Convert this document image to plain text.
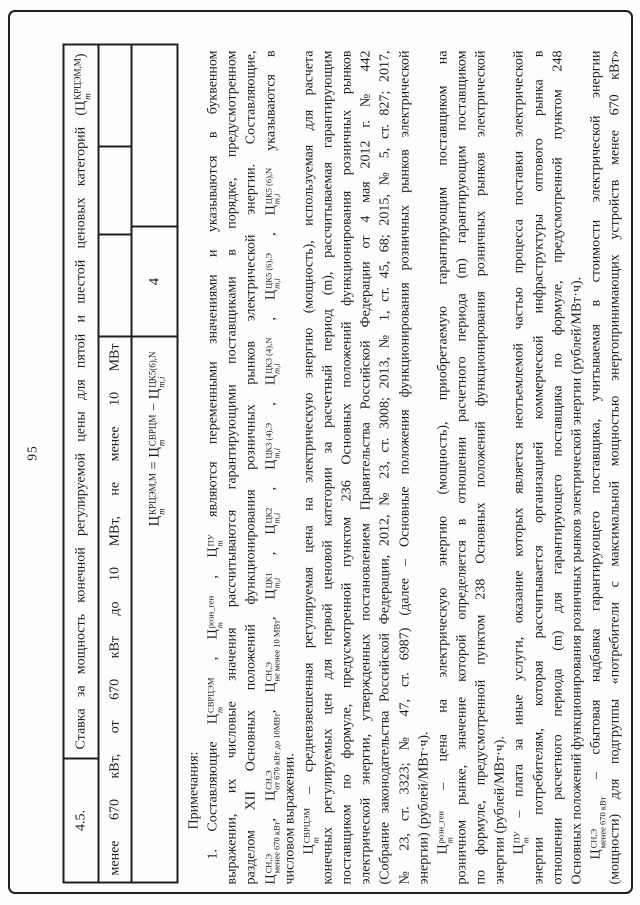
95
4.5.
Ставка за мощность конечной регулируемой цены для пятой и шестой ценовых категорий (Ц
КРЦЭМ,М m
)
менее 670 кВт, от 670 кВт до 10 МВт, не менее 10 МВт	Ц
КРЦЭМ,М m
= Ц
СВРЦМ m
− Ц
ЦК5(6),N m,i
4
Примечания: 1. Составляющие Ц
СВРЦЭМ
m
, Ц
розн_ген
m
, Ц
ПУ
m
являются переменными значениями и указываются в буквенном выражении, их числовые значения рассчитываются гарантирующими поставщиками в порядке, предусмотренном разделом XII Основных положений функционирования розничных рынков электрической энергии. Составляющие, Ц
СН,Э
менее 670 кВт
, Ц
СН,Э
от 670 кВт до 10МВт
, Ц
СН,Э
не менее 10 МВт
, Ц
ЦК1
m,i
, Ц
ЦК2
m,i
, Ц
ЦК3 (4),Э
m,i
, Ц
ЦК3 (4),N
m,i
, Ц
ЦК5 (6),Э
m,i
, Ц
ЦК5 (6),N
m,i
указываются в
числовом выражении. Ц
СВРЦЭМ
m
– средневзвешенная регулируемая цена на электрическую энергию (мощность), используемая для расчета конечных регулируемых цен для первой ценовой категории за расчетный период (m), рассчитываемая гарантирующим поставщиком по формуле, предусмотренной пунктом 236 Основных положений функционирования розничных рынков электрической энергии, утвержденных постановлением Правительства Российской Федерации от 4 мая 2012 г. № 442 (Собрание законодательства Российской Федерации, 2012, № 23, ст. 3008; 2013, № 1, ст. 45, 68; 2015, № 5, ст. 827; 2017, № 23, ст. 3323; № 47, ст. 6987) (далее – Основные положения функционирования розничных рынков электрической энергии) (рублей/МВт·ч). Ц
розн_ген
m
– цена на электрическую энергию (мощность), приобретаемую гарантирующим поставщиком на розничном рынке, значение которой определяется в отношении расчетного периода (m) гарантирующим поставщиком по формуле, предусмотренной пунктом 238 Основных положений функционирования розничных рынков электрической энергии (рублей/МВт·ч). Ц
ПУ
m
– плата за иные услуги, оказание которых является неотъемлемой частью процесса поставки электрической энергии потребителям, которая рассчитывается организацией коммерческой инфраструктуры оптового рынка в отношении расчетного периода (m) для гарантирующего поставщика по формуле, предусмотренной пунктом 248 Основных положений функционирования розничных рынков электрической энергии (рублей/МВт·ч). Ц
СН,Э
менее 670 кВт
– сбытовая надбавка гарантирующего поставщика, учитываемая в стоимости электрической энергии (мощности) для подгруппы «потребители с максимальной мощностью энергопринимающих устройств менее 670 кВт»
